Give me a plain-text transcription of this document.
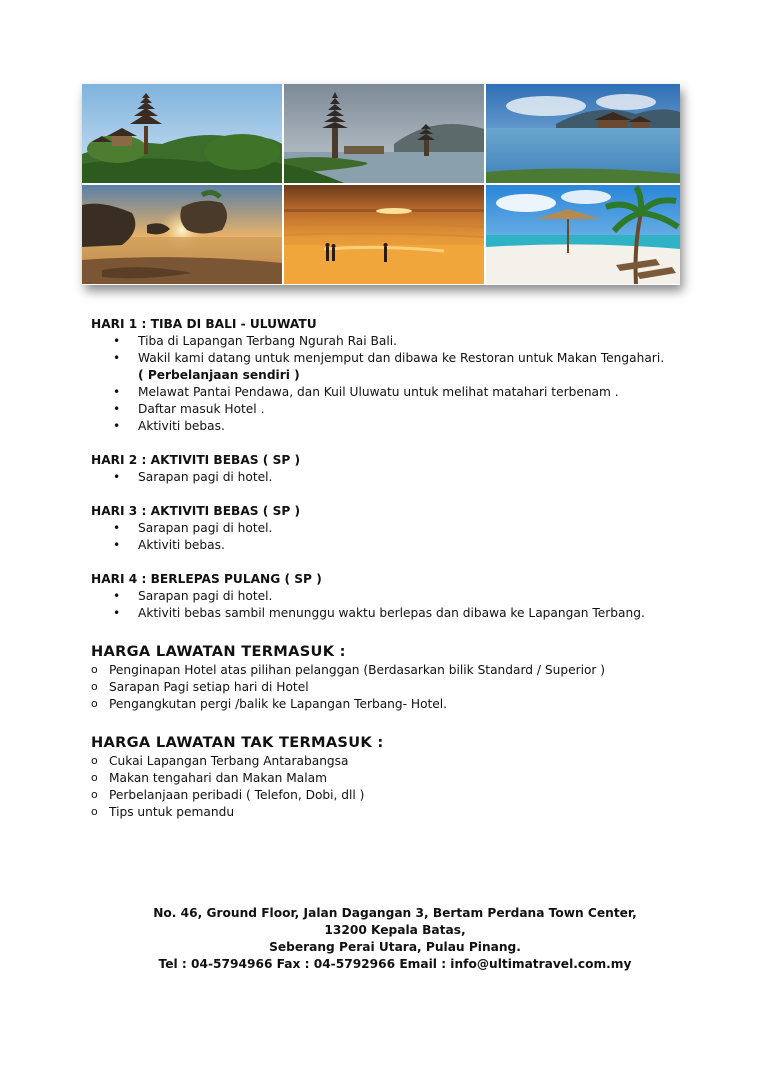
HARI 1 : TIBA DI BALI - ULUWATU

• Tiba di Lapangan Terbang Ngurah Rai Bali.
• Wakil kami datang untuk menjemput dan dibawa ke Restoran untuk Makan Tengahari.
( Perbelanjaan sendiri )
• Melawat Pantai Pendawa, dan Kuil Uluwatu untuk melihat matahari terbenam .
• Daftar masuk Hotel .
• Aktiviti bebas.

HARI 2 : AKTIVITI BEBAS ( SP )

• Sarapan pagi di hotel.

HARI 3 : AKTIVITI BEBAS ( SP )

• Sarapan pagi di hotel.
• Aktiviti bebas.

HARI 4 : BERLEPAS PULANG ( SP )

• Sarapan pagi di hotel.
• Aktiviti bebas sambil menunggu waktu berlepas dan dibawa ke Lapangan Terbang.

HARGA LAWATAN TERMASUK :

o Penginapan Hotel atas pilihan pelanggan (Berdasarkan bilik Standard / Superior )
o Sarapan Pagi setiap hari di Hotel
o Pengangkutan pergi /balik ke Lapangan Terbang- Hotel.

HARGA LAWATAN TAK TERMASUK :

o Cukai Lapangan Terbang Antarabangsa
o Makan tengahari dan Makan Malam
o Perbelanjaan peribadi ( Telefon, Dobi, dll )
o Tips untuk pemandu
No. 46, Ground Floor, Jalan Dagangan 3, Bertam Perdana Town Center,
13200 Kepala Batas,
Seberang Perai Utara, Pulau Pinang.
Tel : 04-5794966 Fax : 04-5792966 Email : info@ultimatravel.com.my
